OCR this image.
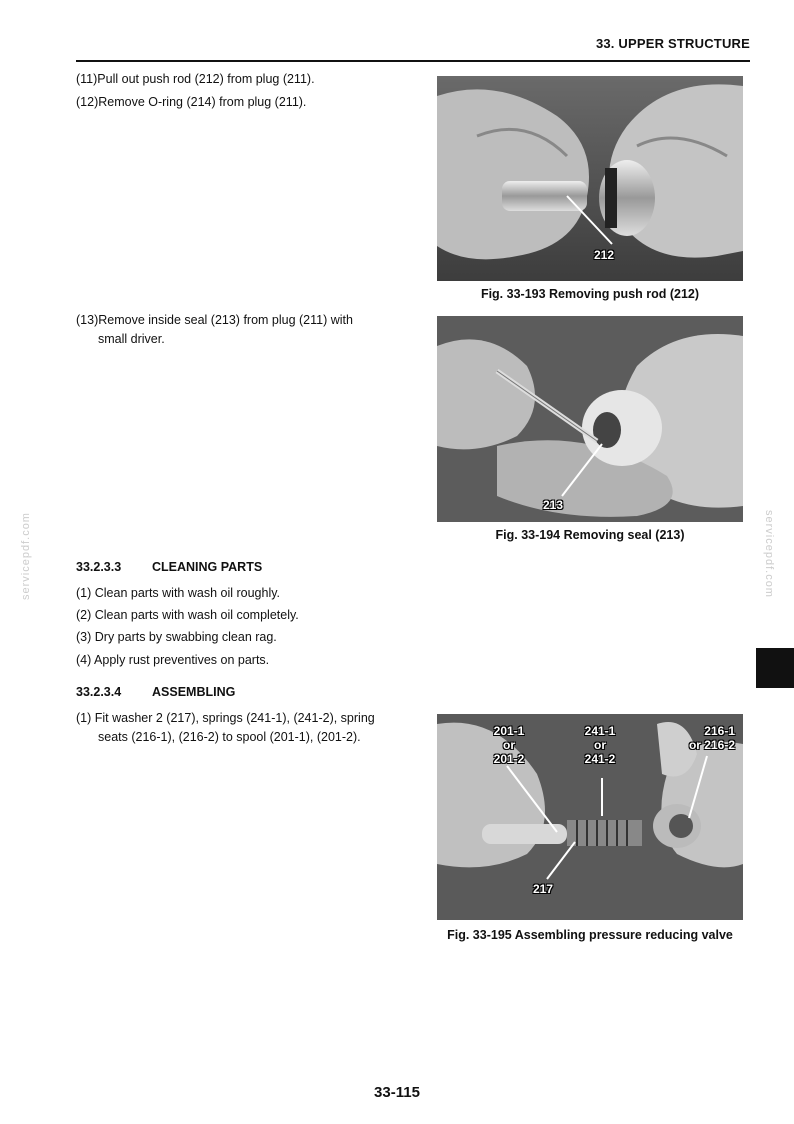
33. UPPER STRUCTURE
(11)Pull out push rod (212) from plug (211).
(12)Remove O-ring (214) from plug (211).
212
Fig. 33-193 Removing push rod (212)
(13)Remove inside seal (213) from plug (211) with
small driver.
213
Fig. 33-194 Removing seal (213)
33.2.3.3 CLEANING PARTS
(1) Clean parts with wash oil roughly.
(2) Clean parts with wash oil completely.
(3) Dry parts by swabbing clean rag.
(4) Apply rust preventives on parts.
33.2.3.4 ASSEMBLING
(1) Fit washer 2 (217), springs (241-1), (241-2), spring
seats (216-1), (216-2) to spool (201-1), (201-2).	201-1
or
201-2
241-1
or
241-2
216-1
or 216-2
217
Fig. 33-195 Assembling pressure reducing valve
servicepdf.com	servicepdf.com
33-115
